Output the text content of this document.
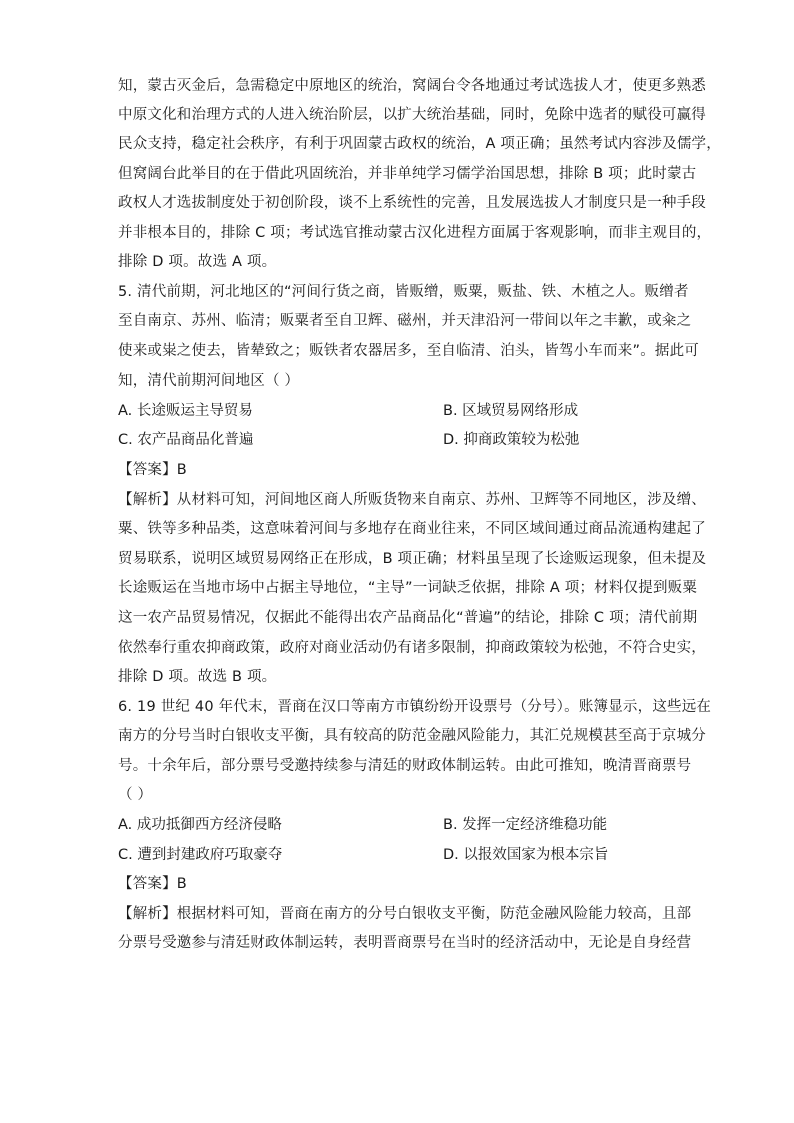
知，蒙古灭金后，急需稳定中原地区的统治，窝阔台令各地通过考试选拔人才，使更多熟悉
中原文化和治理方式的人进入统治阶层，以扩大统治基础，同时，免除中选者的赋役可赢得
民众支持，稳定社会秩序，有利于巩固蒙古政权的统治，A 项正确；虽然考试内容涉及儒学，
但窝阔台此举目的在于借此巩固统治，并非单纯学习儒学治国思想，排除 B 项；此时蒙古
政权人才选拔制度处于初创阶段，谈不上系统性的完善，且发展选拔人才制度只是一种手段
并非根本目的，排除 C 项；考试选官推动蒙古汉化进程方面属于客观影响，而非主观目的，
排除 D 项。故选 A 项。
5. 清代前期，河北地区的“河间行货之商，皆贩缯，贩粟，贩盐、铁、木植之人。贩缯者
至自南京、苏州、临清；贩粟者至自卫辉、磁州，并天津沿河一带间以年之丰歉，或籴之
使来或粜之使去，皆辇致之；贩铁者农器居多，至自临清、泊头，皆驾小车而来”。据此可
知，清代前期河间地区（ ）
A. 长途贩运主导贸易	B. 区域贸易网络形成
C. 农产品商品化普遍	D. 抑商政策较为松弛
【答案】B
【解析】从材料可知，河间地区商人所贩货物来自南京、苏州、卫辉等不同地区，涉及缯、
粟、铁等多种品类，这意味着河间与多地存在商业往来，不同区域间通过商品流通构建起了
贸易联系，说明区域贸易网络正在形成，B 项正确；材料虽呈现了长途贩运现象，但未提及
长途贩运在当地市场中占据主导地位，“主导”一词缺乏依据，排除 A 项；材料仅提到贩粟
这一农产品贸易情况，仅据此不能得出农产品商品化“普遍”的结论，排除 C 项；清代前期
依然奉行重农抑商政策，政府对商业活动仍有诸多限制，抑商政策较为松弛，不符合史实，
排除 D 项。故选 B 项。
6. 19 世纪 40 年代末，晋商在汉口等南方市镇纷纷开设票号（分号）。账簿显示，这些远在
南方的分号当时白银收支平衡，具有较高的防范金融风险能力，其汇兑规模甚至高于京城分
号。十余年后，部分票号受邀持续参与清廷的财政体制运转。由此可推知，晚清晋商票号
（ ）
A. 成功抵御西方经济侵略	B. 发挥一定经济维稳功能
C. 遭到封建政府巧取豪夺	D. 以报效国家为根本宗旨
【答案】B
【解析】根据材料可知，晋商在南方的分号白银收支平衡，防范金融风险能力较高，且部
分票号受邀参与清廷财政体制运转，表明晋商票号在当时的经济活动中，无论是自身经营
